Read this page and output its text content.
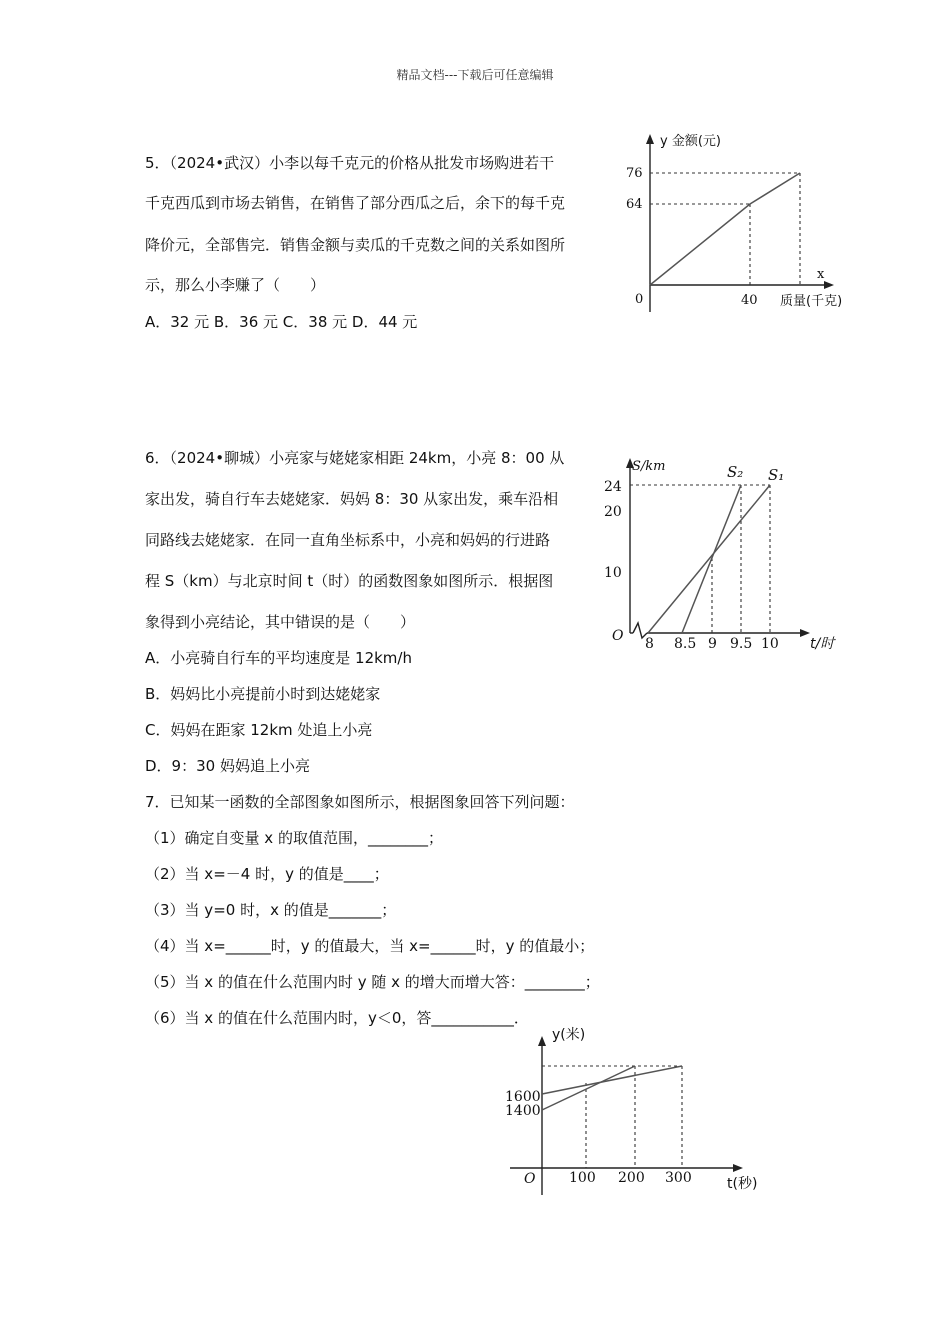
精品文档---下载后可任意编辑
5．（2024•武汉）小李以每千克元的价格从批发市场购进若干
千克西瓜到市场去销售，在销售了部分西瓜之后，余下的每千克
降价元，全部售完．销售金额与卖瓜的千克数之间的关系如图所
示，那么小李赚了（　　）
A．32 元 B．36 元 C．38 元 D．44 元
y 金额(元)
x
质量(千克)
0
76
64
40
6．（2024•聊城）小亮家与姥姥家相距 24km，小亮 8：00 从
家出发，骑自行车去姥姥家．妈妈 8：30 从家出发，乘车沿相
同路线去姥姥家．在同一直角坐标系中，小亮和妈妈的行进路
程 S（km）与北京时间 t（时）的函数图象如图所示．根据图
象得到小亮结论，其中错误的是（　　）
A．小亮骑自行车的平均速度是 12km/h
B．妈妈比小亮提前小时到达姥姥家
C．妈妈在距家 12km 处追上小亮
D．9：30 妈妈追上小亮
S/km
t/时
O
24
20
10
8 8.5 9 9.5 10
S₂ S₁
7．已知某一函数的全部图象如图所示，根据图象回答下列问题：
（1）确定自变量 x 的取值范围，________；
（2）当 x=－4 时，y 的值是____；
（3）当 y=0 时，x 的值是_______；
（4）当 x=______时，y 的值最大，当 x=______时，y 的值最小；
（5）当 x 的值在什么范围内时 y 随 x 的增大而增大答：________；
（6）当 x 的值在什么范围内时，y＜0，答___________．
y(米)
t(秒)
O
1600
1400
100 200 300
